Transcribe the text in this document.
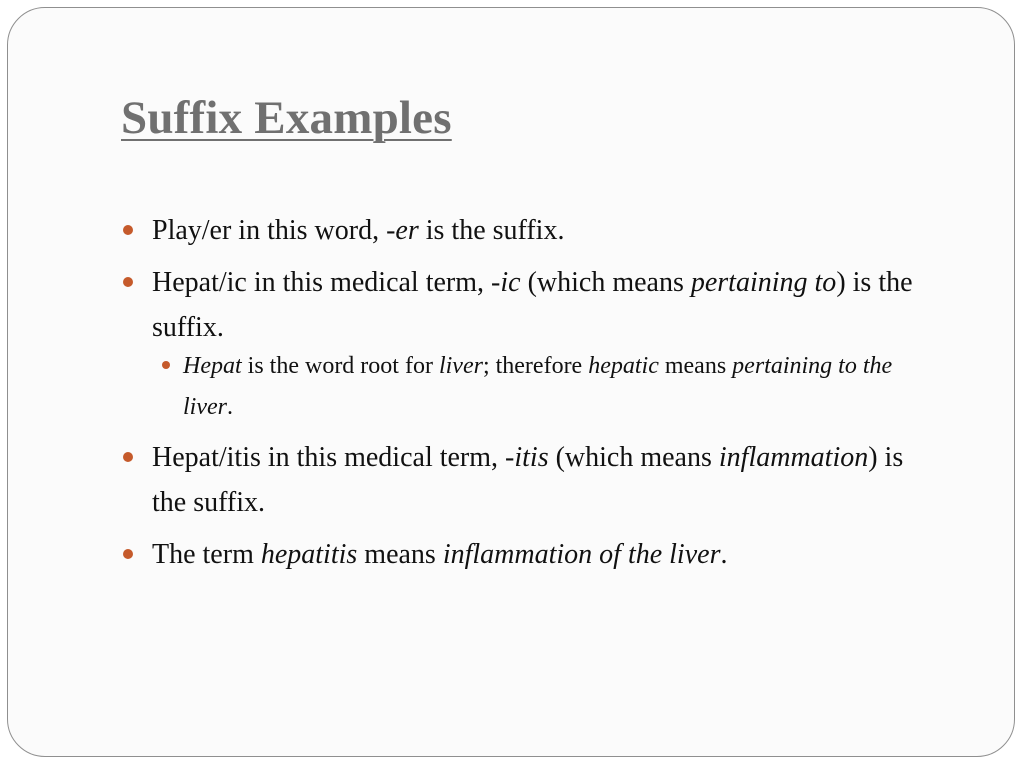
Suffix Examples
Play/er in this word, -er is the suffix.
Hepat/ic in this medical term, -ic (which means pertaining to) is the suffix.
Hepat is the word root for liver; therefore hepatic means pertaining to the liver.
Hepat/itis in this medical term, -itis (which means inflammation) is the suffix.
The term hepatitis means inflammation of the liver.
